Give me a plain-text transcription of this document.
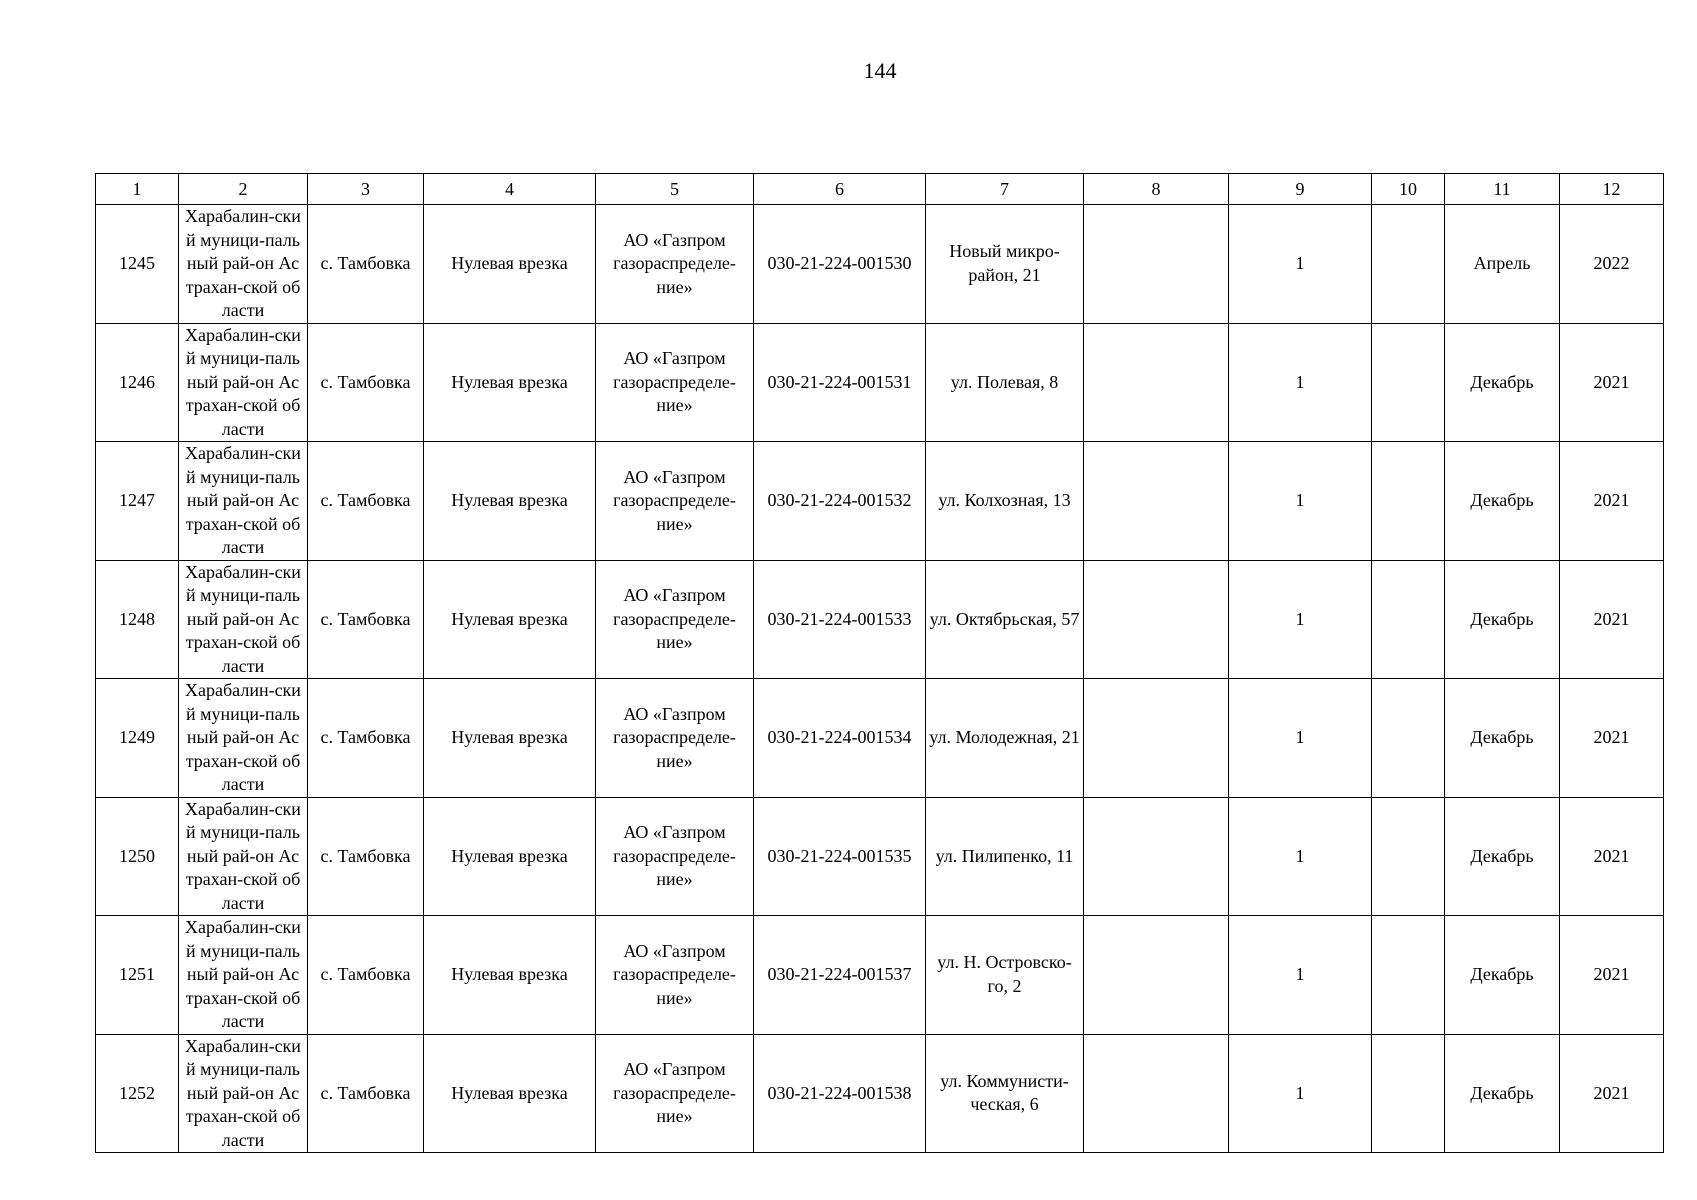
144
1	2	3	4	5	6	7	8	9	10	11	12

1245	Харабалин-ский муници-пальный рай-он Астрахан-ской области	с. Тамбовка	Нулевая врезка	АО «Газпром газораспределе-ние»	030-21-224-001530	Новый микро-район, 21		1		Апрель	2022

1246	Харабалин-ский муници-пальный рай-он Астрахан-ской области	с. Тамбовка	Нулевая врезка	АО «Газпром газораспределе-ние»	030-21-224-001531	ул. Полевая, 8		1		Декабрь	2021

1247	Харабалин-ский муници-пальный рай-он Астрахан-ской области	с. Тамбовка	Нулевая врезка	АО «Газпром газораспределе-ние»	030-21-224-001532	ул. Колхозная, 13		1		Декабрь	2021

1248	Харабалин-ский муници-пальный рай-он Астрахан-ской области	с. Тамбовка	Нулевая врезка	АО «Газпром газораспределе-ние»	030-21-224-001533	ул. Октябрьская, 57		1		Декабрь	2021

1249	Харабалин-ский муници-пальный рай-он Астрахан-ской области	с. Тамбовка	Нулевая врезка	АО «Газпром газораспределе-ние»	030-21-224-001534	ул. Молодежная, 21		1		Декабрь	2021

1250	Харабалин-ский муници-пальный рай-он Астрахан-ской области	с. Тамбовка	Нулевая врезка	АО «Газпром газораспределе-ние»	030-21-224-001535	ул. Пилипенко, 11		1		Декабрь	2021

1251	Харабалин-ский муници-пальный рай-он Астрахан-ской области	с. Тамбовка	Нулевая врезка	АО «Газпром газораспределе-ние»	030-21-224-001537	ул. Н. Островско-го, 2		1		Декабрь	2021

1252	Харабалин-ский муници-пальный рай-он Астрахан-ской области	с. Тамбовка	Нулевая врезка	АО «Газпром газораспределе-ние»	030-21-224-001538	ул. Коммунисти-ческая, 6		1		Декабрь	2021
